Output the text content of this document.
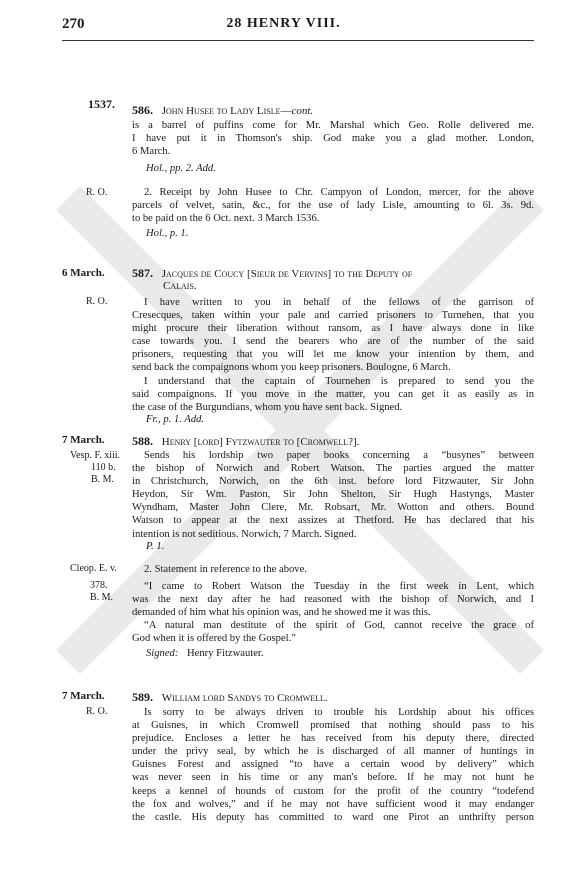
270	28 HENRY VIII.
1537. 586. John Husee to Lady Lisle—cont.
is a barrel of puffins come for Mr. Marshal which Geo. Rolle delivered me.
I have put it in Thomson's ship. God make you a glad mother. London,
6 March.
Hol., pp. 2. Add.
R. O.	2. Receipt by John Husee to Chr. Campyon of London, mercer, for the above
parcels of velvet, satin, &c., for the use of lady Lisle, amounting to 6l. 3s. 9d.
to be paid on the 6 Oct. next. 3 March 1536.
Hol., p. 1.
6 March. 587. Jacques de Coucy [Sieur de Vervins] to the Deputy of
Calais.
R. O.	I have written to you in behalf of the fellows of the garrison of
Cresecques, taken within your pale and carried prisoners to Turnehen, that you
might procure their liberation without ransom, as I have always done in like
case towards you. I send the bearers who are of the number of the said
prisoners, requesting that you will let me know your intention by them, and
send back the compaignons whom you keep prisoners. Boulogne, 6 March.
I understand that the captain of Tournehen is prepared to send you the
said compaignons. If you move in the matter, you can get it as easily as in
the case of the Burgundians, whom you have sent back. Signed.
Fr., p. 1. Add.
7 March. 588. Henry [lord] Fytzwauter to [Cromwell?].
Vesp. F. xiii.
110 b.
B. M.
Sends his lordship two paper books concerning a “busynes” between
the bishop of Norwich and Robert Watson. The parties argued the matter
in Christchurch, Norwich, on the 6th inst. before lord Fitzwauter, Sir John
Heydon, Sir Wm. Paston, Sir John Shelton, Sir Hugh Hastyngs, Master
Wyndham, Master John Clere, Mr. Robsart, Mr. Wotton and others. Bound
Watson to appear at the next assizes at Thetford. He has declared that his
intention is not seditious. Norwich, 7 March. Signed.
P. 1.
Cleop. E. v.
378.
B. M.
2. Statement in reference to the above.
“I came to Robert Watson the Tuesday in the first week in Lent, which
was the next day after he had reasoned with the bishop of Norwich, and I
demanded of him what his opinion was, and he showed me it was this.
“A natural man destitute of the spirit of God, cannot receive the grace of
God when it is offered by the Gospel.”
Signed: Henry Fitzwauter.
7 March. 589. William lord Sandys to Cromwell.
R. O.	Is sorry to be always driven to trouble his Lordship about his offices
at Guisnes, in which Cromwell promised that nothing should pass to his
prejudice. Encloses a letter he has received from his deputy there, directed
under the privy seal, by which he is discharged of all manner of huntings in
Guisnes Forest and assigned “to have a certain wood by delivery” which
was never seen in his time or any man's before. If he may not hunt he
keeps a kennel of hounds of custom for the profit of the country “todefend
the fox and wolves,” and if he may not have sufficient wood it may endanger
the castle. His deputy has committed to ward one Pirot an unthrifty person
